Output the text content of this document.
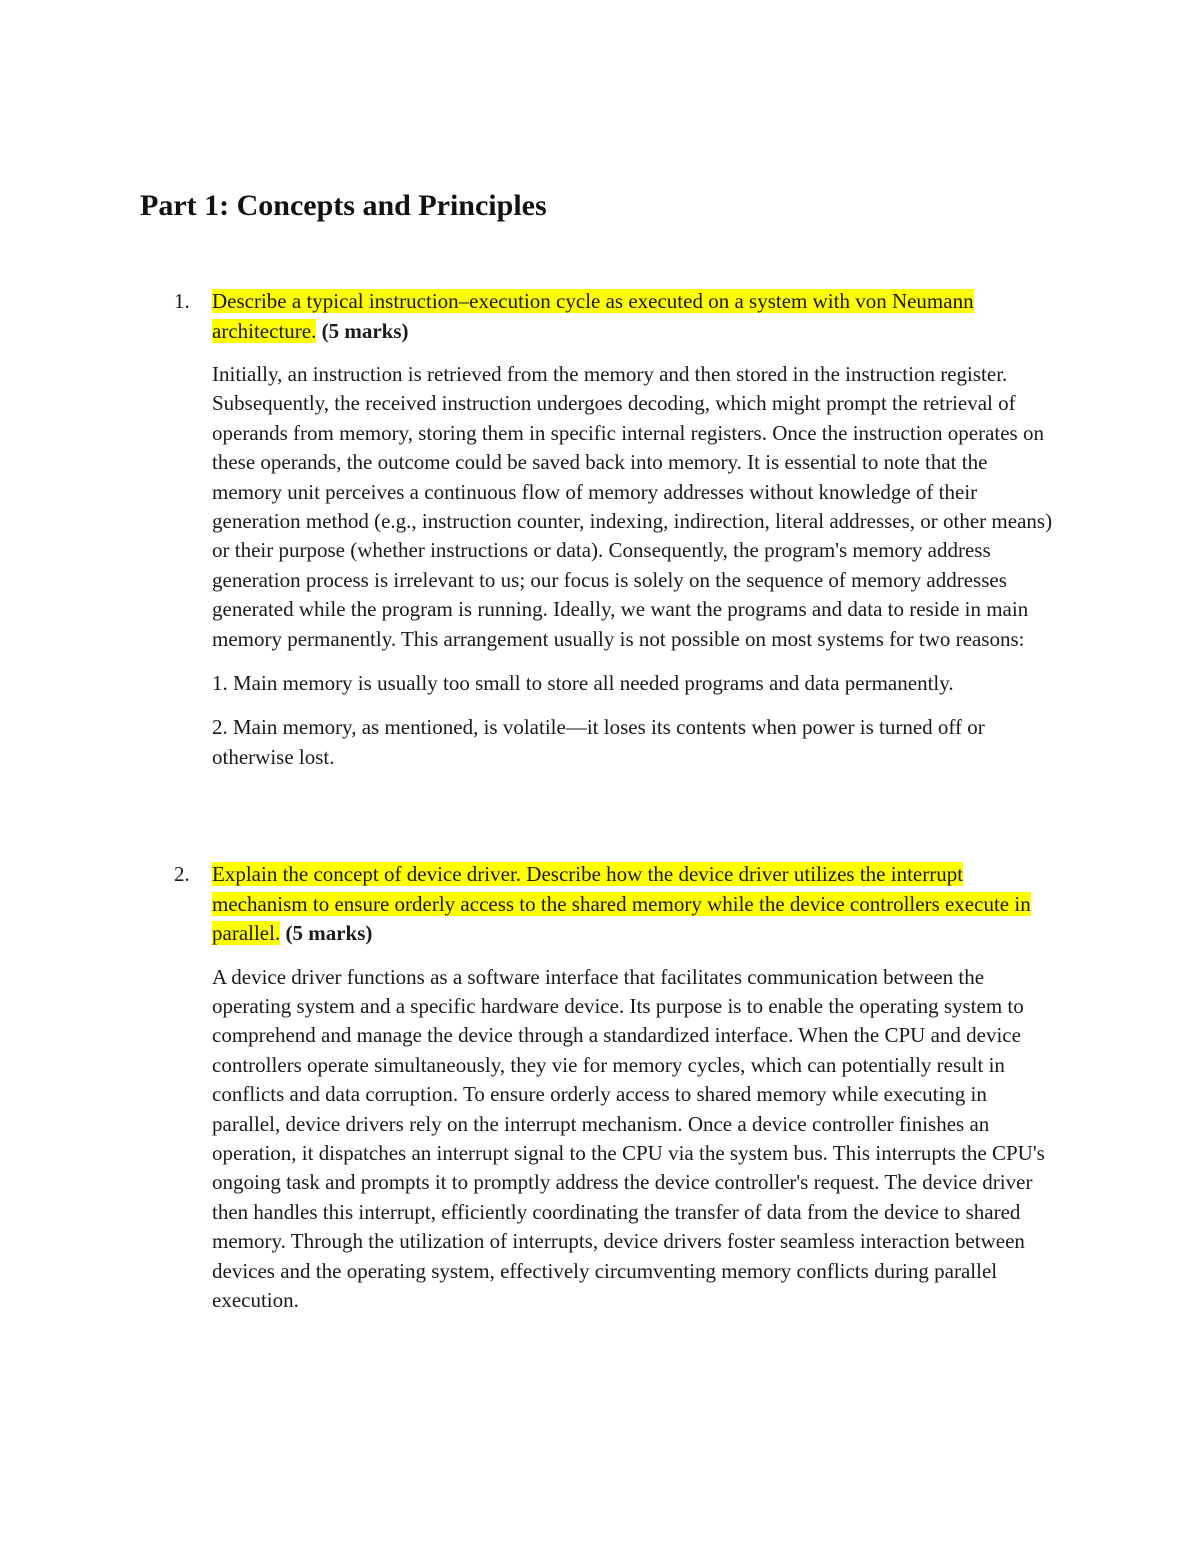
Part 1: Concepts and Principles
1. Describe a typical instruction–execution cycle as executed on a system with von Neumann architecture. (5 marks)

Initially, an instruction is retrieved from the memory and then stored in the instruction register. Subsequently, the received instruction undergoes decoding, which might prompt the retrieval of operands from memory, storing them in specific internal registers. Once the instruction operates on these operands, the outcome could be saved back into memory. It is essential to note that the memory unit perceives a continuous flow of memory addresses without knowledge of their generation method (e.g., instruction counter, indexing, indirection, literal addresses, or other means) or their purpose (whether instructions or data). Consequently, the program's memory address generation process is irrelevant to us; our focus is solely on the sequence of memory addresses generated while the program is running. Ideally, we want the programs and data to reside in main memory permanently. This arrangement usually is not possible on most systems for two reasons:

1. Main memory is usually too small to store all needed programs and data permanently.

2. Main memory, as mentioned, is volatile—it loses its contents when power is turned off or otherwise lost.

2. Explain the concept of device driver. Describe how the device driver utilizes the interrupt mechanism to ensure orderly access to the shared memory while the device controllers execute in parallel. (5 marks)

A device driver functions as a software interface that facilitates communication between the operating system and a specific hardware device. Its purpose is to enable the operating system to comprehend and manage the device through a standardized interface. When the CPU and device controllers operate simultaneously, they vie for memory cycles, which can potentially result in conflicts and data corruption. To ensure orderly access to shared memory while executing in parallel, device drivers rely on the interrupt mechanism. Once a device controller finishes an operation, it dispatches an interrupt signal to the CPU via the system bus. This interrupts the CPU's ongoing task and prompts it to promptly address the device controller's request. The device driver then handles this interrupt, efficiently coordinating the transfer of data from the device to shared memory. Through the utilization of interrupts, device drivers foster seamless interaction between devices and the operating system, effectively circumventing memory conflicts during parallel execution.
